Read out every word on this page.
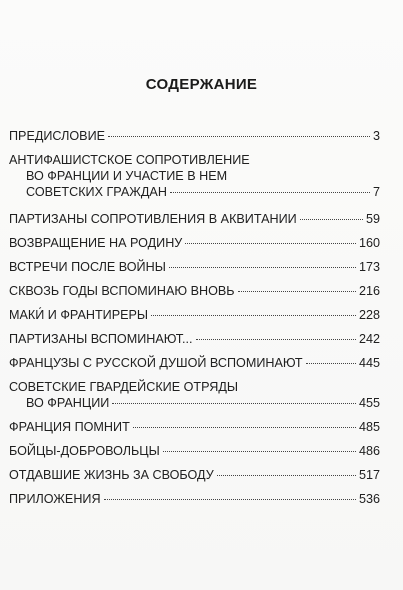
СОДЕРЖАНИЕ
ПРЕДИСЛОВИЕ	3
АНТИФАШИСТСКОЕ СОПРОТИВЛЕНИЕ
ВО ФРАНЦИИ И УЧАСТИЕ В НЕМ
СОВЕТСКИХ ГРАЖДАН	7
ПАРТИЗАНЫ СОПРОТИВЛЕНИЯ В АКВИТАНИИ	59
ВОЗВРАЩЕНИЕ НА РОДИНУ	160
ВСТРЕЧИ ПОСЛЕ ВОЙНЫ	173
СКВОЗЬ ГОДЫ ВСПОМИНАЮ ВНОВЬ	216
МАКИ́ И ФРАНТИРЕРЫ	228
ПАРТИЗАНЫ ВСПОМИНАЮТ...	242
ФРАНЦУЗЫ С РУССКОЙ ДУШОЙ ВСПОМИНАЮТ	445
СОВЕТСКИЕ ГВАРДЕЙСКИЕ ОТРЯДЫ
ВО ФРАНЦИИ	455
ФРАНЦИЯ ПОМНИТ	485
БОЙЦЫ-ДОБРОВОЛЬЦЫ	486
ОТДАВШИЕ ЖИЗНЬ ЗА СВОБОДУ	517
ПРИЛОЖЕНИЯ	536
